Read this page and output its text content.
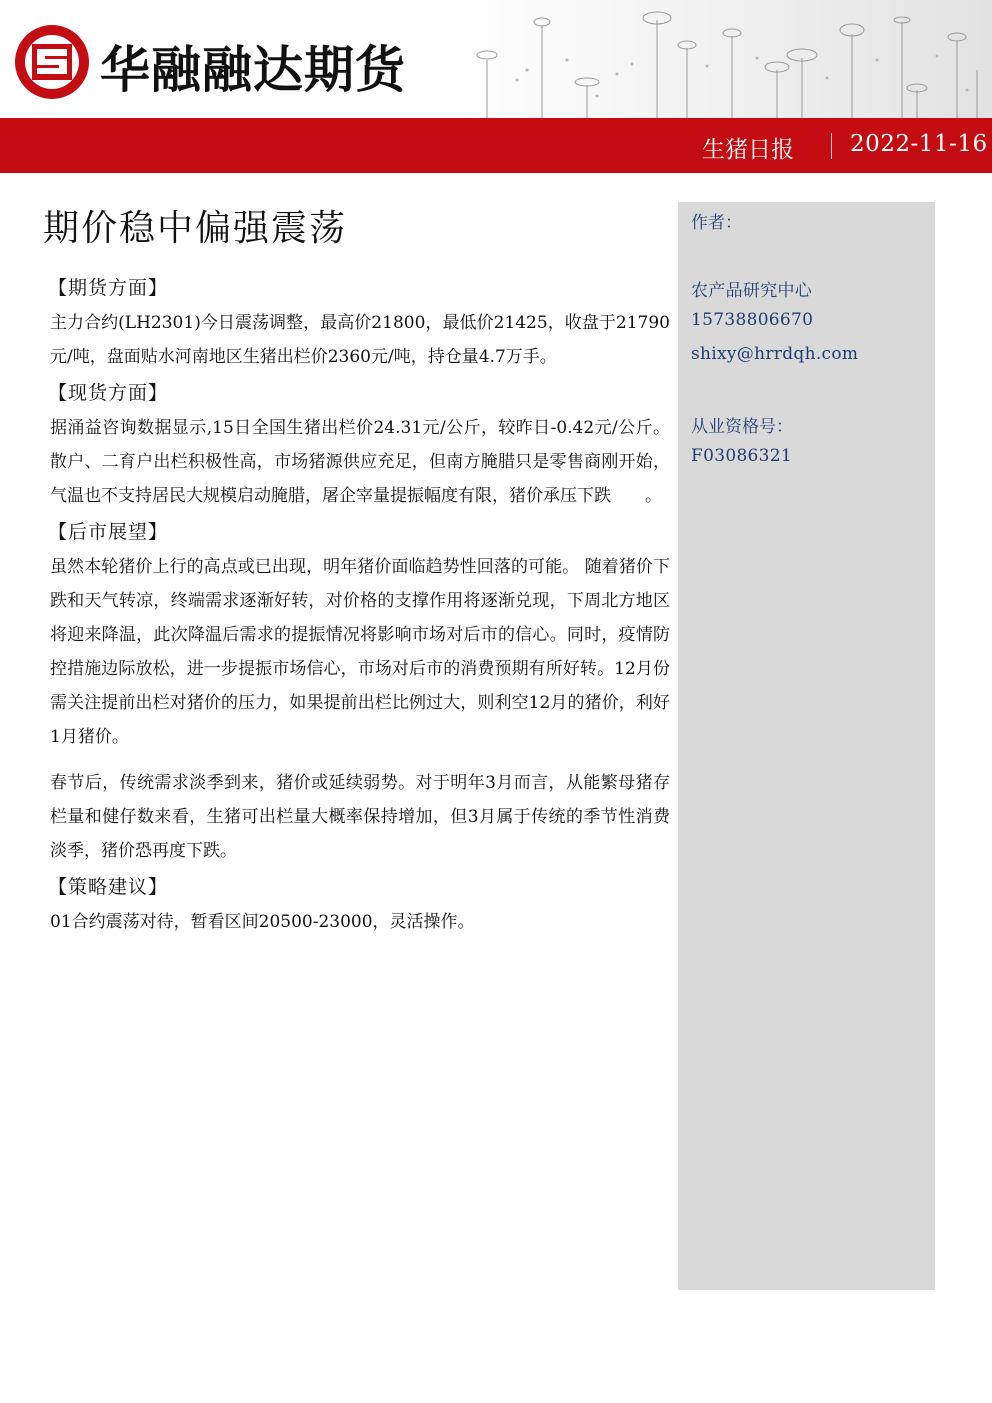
华融融达期货
生猪日报 2022-11-16
期价稳中偏强震荡
【期货方面】

主力合约(LH2301)今日震荡调整，最高价21800，最低价21425，收盘于21790元/吨，盘面贴水河南地区生猪出栏价2360元/吨，持仓量4.7万手。

【现货方面】

据涌益咨询数据显示,15日全国生猪出栏价24.31元/公斤，较昨日-0.42元/公斤。散户、二育户出栏积极性高，市场猪源供应充足，但南方腌腊只是零售商刚开始，气温也不支持居民大规模启动腌腊，屠企宰量提振幅度有限，猪价承压下跌　　。

【后市展望】

虽然本轮猪价上行的高点或已出现，明年猪价面临趋势性回落的可能。 随着猪价下跌和天气转凉，终端需求逐渐好转，对价格的支撑作用将逐渐兑现，下周北方地区将迎来降温，此次降温后需求的提振情况将影响市场对后市的信心。同时，疫情防控措施边际放松，进一步提振市场信心，市场对后市的消费预期有所好转。12月份需关注提前出栏对猪价的压力，如果提前出栏比例过大，则利空12月的猪价，利好1月猪价。

春节后，传统需求淡季到来，猪价或延续弱势。对于明年3月而言，从能繁母猪存栏量和健仔数来看，生猪可出栏量大概率保持增加，但3月属于传统的季节性消费淡季，猪价恐再度下跌。

【策略建议】

01合约震荡对待，暂看区间20500-23000，灵活操作。

作者：
农产品研究中心
15738806670
shixy@hrrdqh.com
从业资格号：
F03086321
